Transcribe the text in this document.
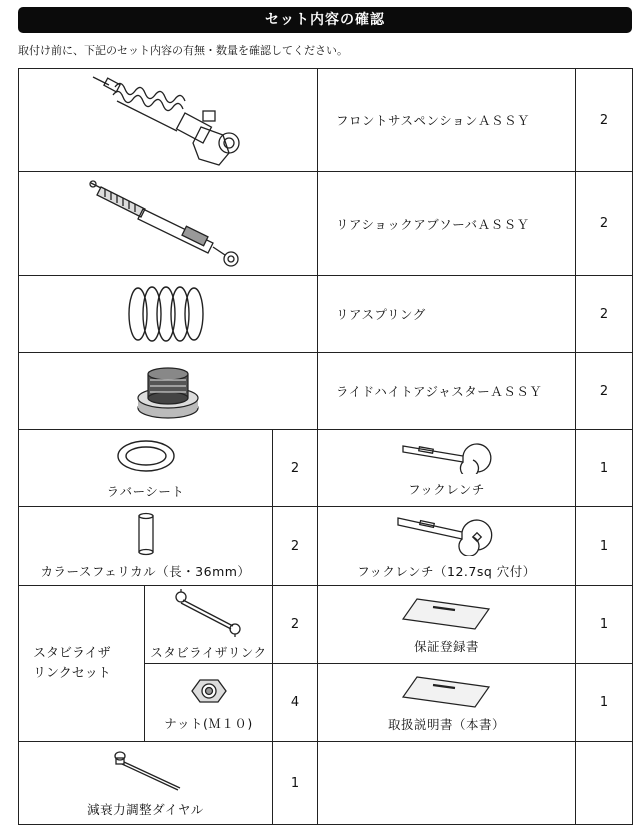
セット内容の確認
取付け前に、下記のセット内容の有無・数量を確認してください。
	フロントサスペンションＡＳＳＹ	2

	リアショックアブソーバＡＳＳＹ	2

	リアスプリング	2

	ライドハイトアジャスターＡＳＳＹ	2

ラバーシート		2	フックレンチ	1

カラースフェリカル（長・36mm）		2	フックレンチ（12.7sq 穴付）	1

スタビライザ
リンクセット	スタビライザリンク	2	保証登録書	1

	ナット(Ｍ１０)	4	取扱説明書（本書）	1

減衰力調整ダイヤル		1		
